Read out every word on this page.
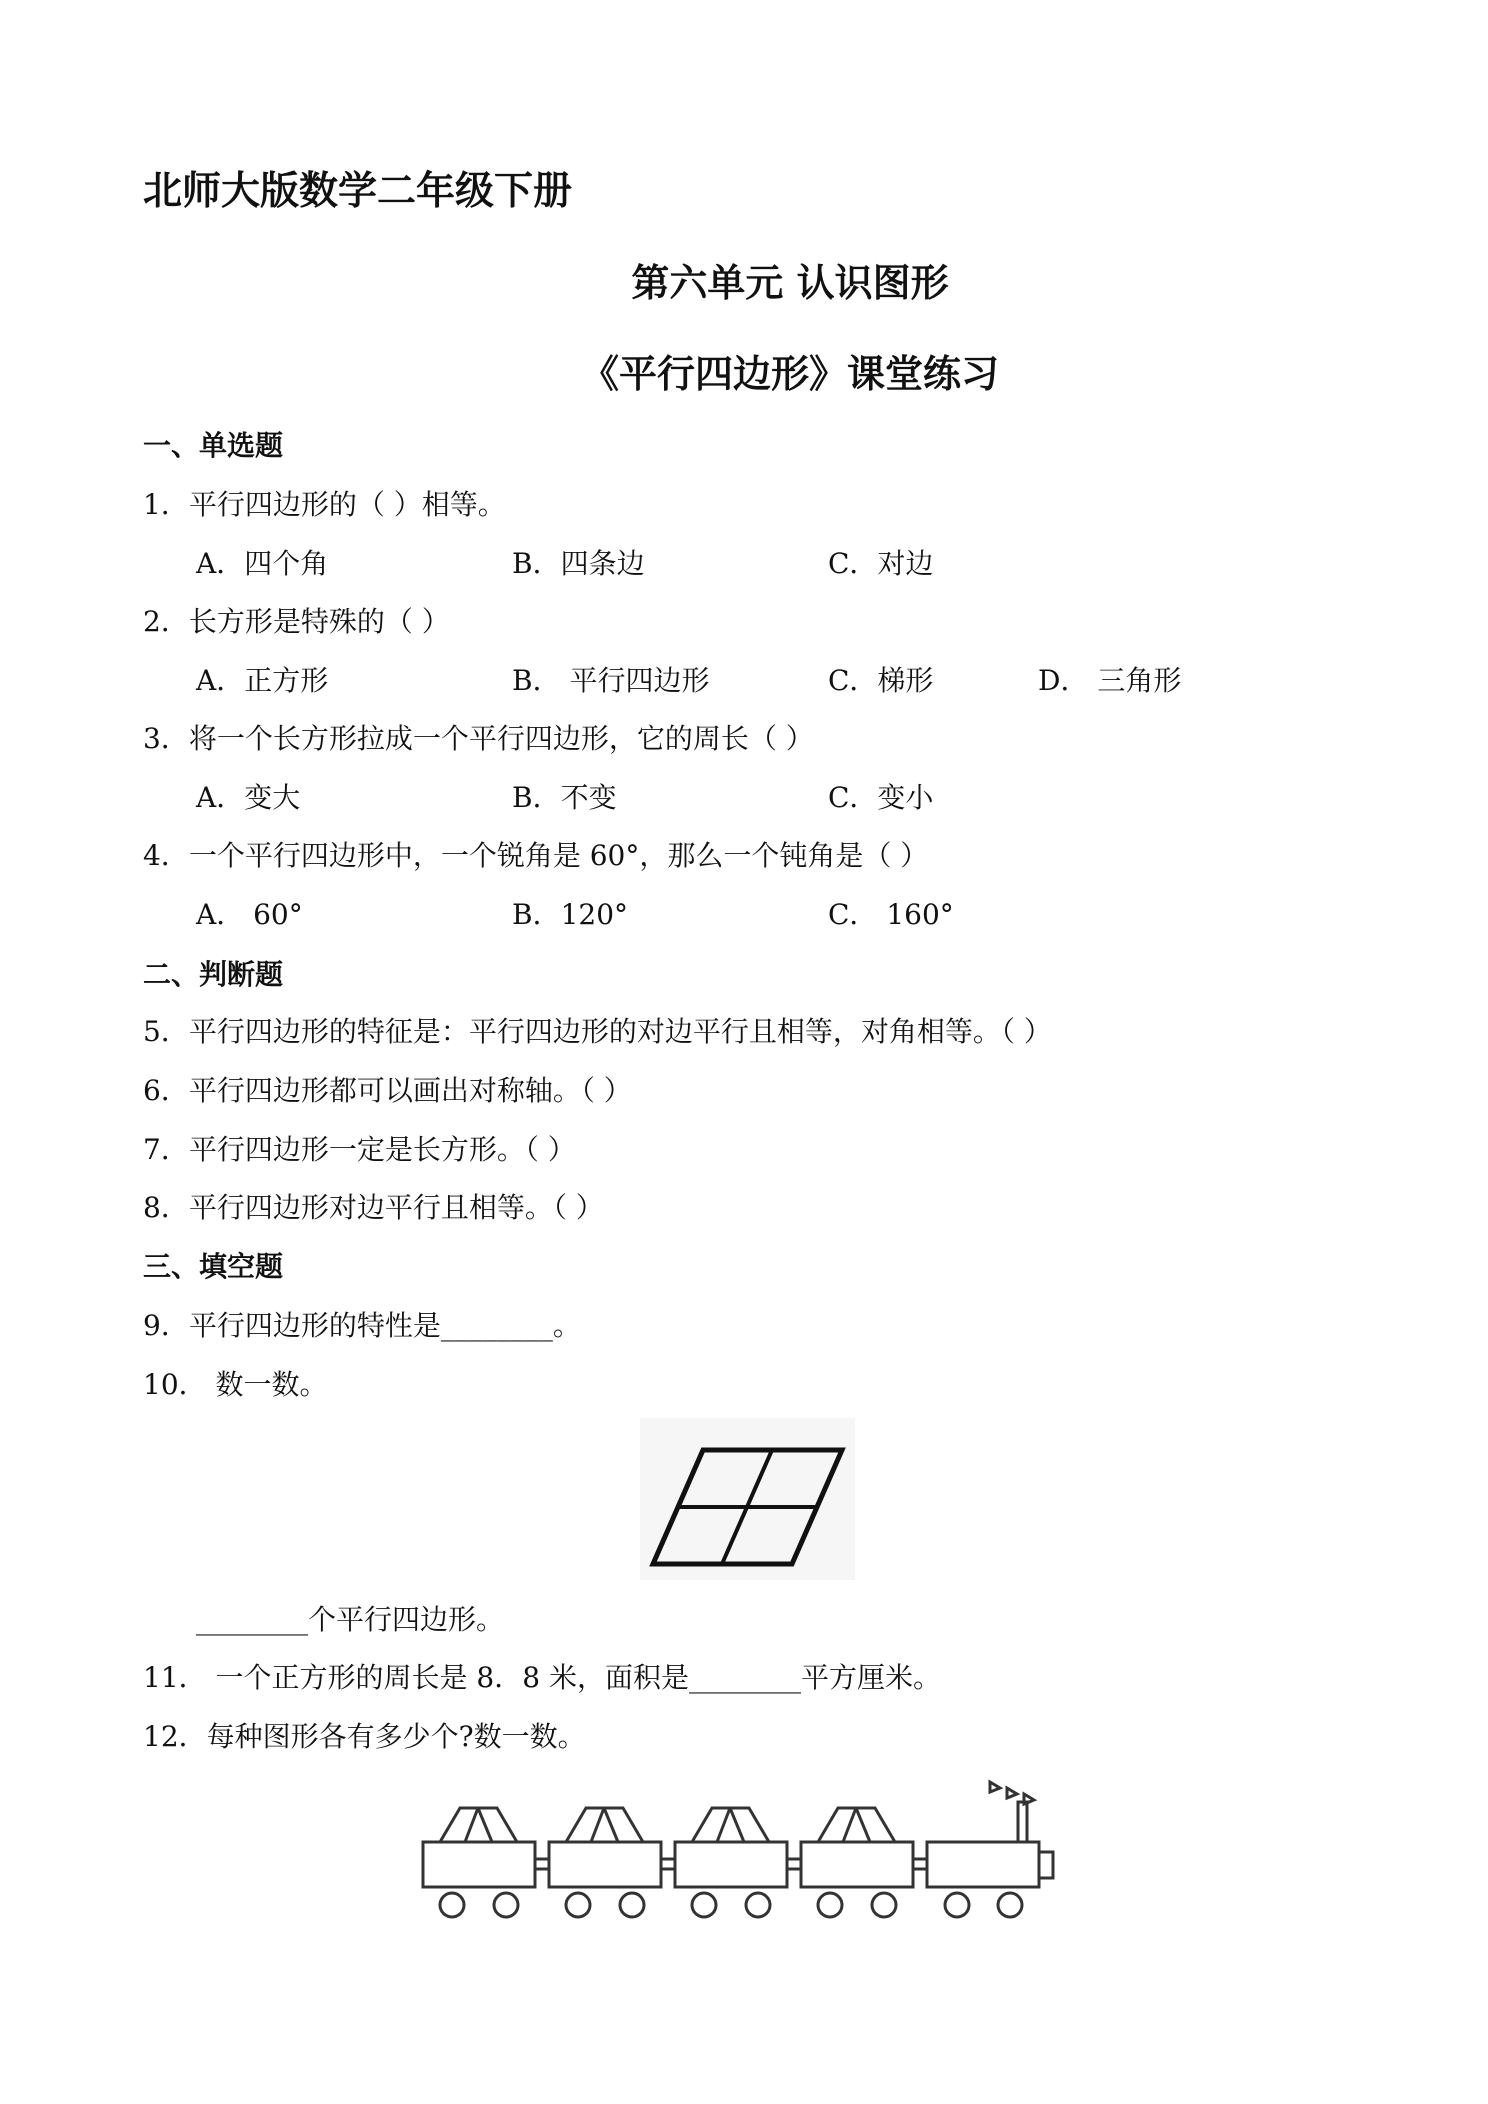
北师大版数学二年级下册
第六单元 认识图形
《平行四边形》课堂练习
一、单选题
1．平行四边形的（ ）相等。
A．四个角	B．四条边	C．对边
2．长方形是特殊的（ ）
A．正方形	B． 平行四边形	C．梯形	D． 三角形
3．将一个长方形拉成一个平行四边形，它的周长（ ）
A．变大	B．不变	C．变小
4．一个平行四边形中，一个锐角是 60°，那么一个钝角是（ ）
A． 60°	B．120°	C． 160°
二、判断题
5．平行四边形的特征是：平行四边形的对边平行且相等，对角相等。（ ）
6．平行四边形都可以画出对称轴。（ ）
7．平行四边形一定是长方形。（ ）
8．平行四边形对边平行且相等。（ ）
三、填空题
9．平行四边形的特性是________。
10． 数一数。
________个平行四边形。
11． 一个正方形的周长是 8．8 米，面积是________平方厘米。
12．每种图形各有多少个?数一数。
